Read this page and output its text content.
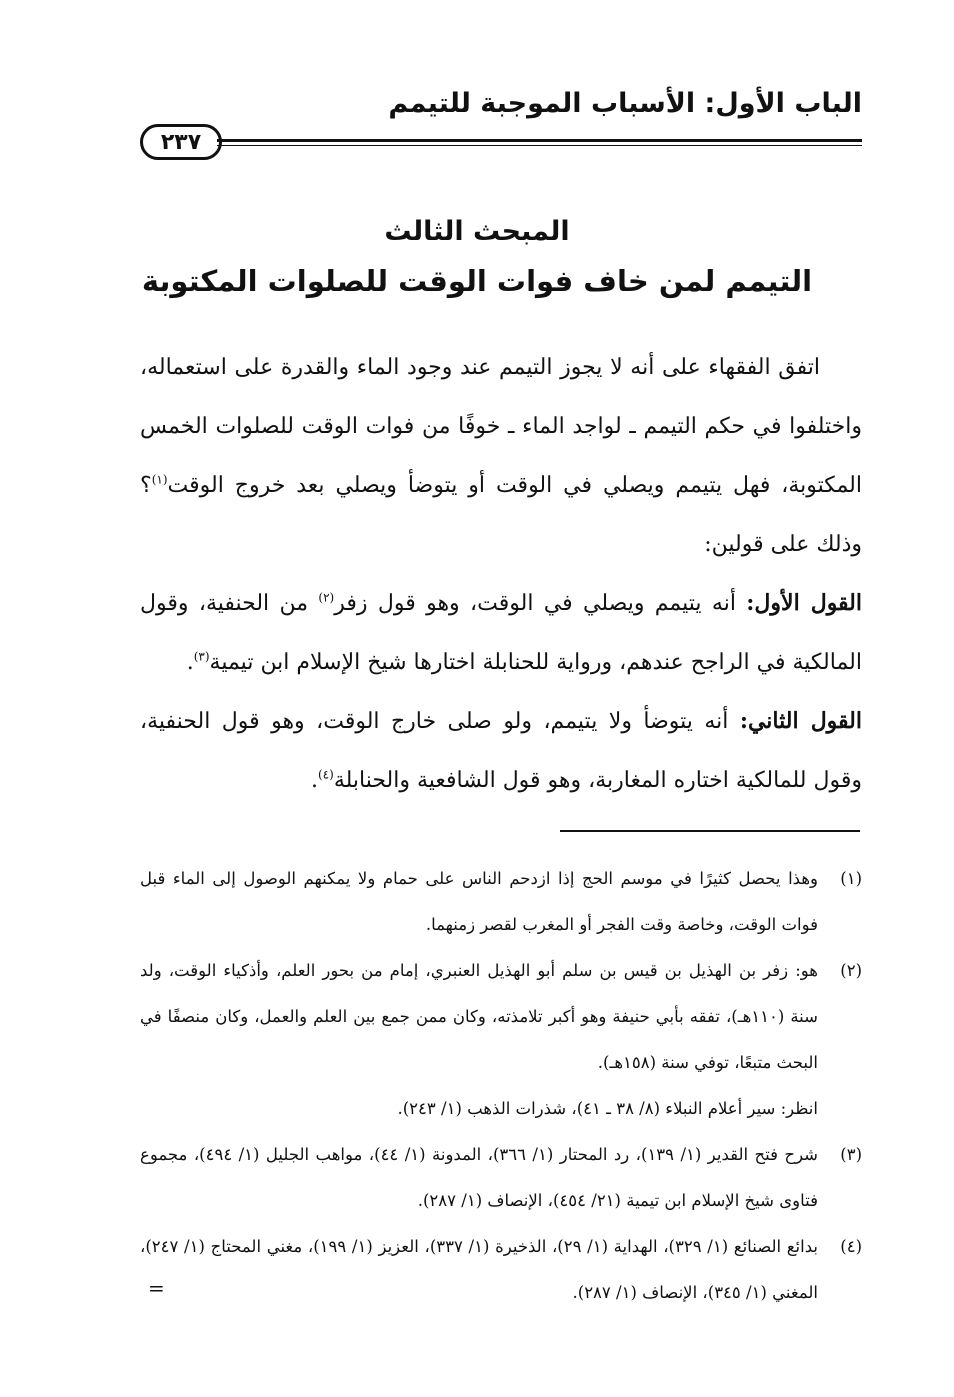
الباب الأول: الأسباب الموجبة للتيمم
٢٣٧
المبحث الثالث
التيمم لمن خاف فوات الوقت للصلوات المكتوبة

اتفق الفقهاء على أنه لا يجوز التيمم عند وجود الماء والقدرة على استعماله، واختلفوا في حكم التيمم ـ لواجد الماء ـ خوفًا من فوات الوقت للصلوات الخمس المكتوبة، فهل يتيمم ويصلي في الوقت أو يتوضأ ويصلي بعد خروج الوقت$^{(١)}$؟ وذلك على قولين:

القول الأول: أنه يتيمم ويصلي في الوقت، وهو قول زفر$^{(٢)}$ من الحنفية، وقول المالكية في الراجح عندهم، ورواية للحنابلة اختارها شيخ الإسلام ابن تيمية$^{(٣)}$.

القول الثاني: أنه يتوضأ ولا يتيمم، ولو صلى خارج الوقت، وهو قول الحنفية، وقول للمالكية اختاره المغاربة، وهو قول الشافعية والحنابلة$^{(٤)}$.

(١)

وهذا يحصل كثيرًا في موسم الحج إذا ازدحم الناس على حمام ولا يمكنهم الوصول إلى الماء قبل فوات الوقت، وخاصة وقت الفجر أو المغرب لقصر زمنهما.

(٢)

هو: زفر بن الهذيل بن قيس بن سلم أبو الهذيل العنبري، إمام من بحور العلم، وأذكياء الوقت، ولد سنة (١١٠هـ)، تفقه بأبي حنيفة وهو أكبر تلامذته، وكان ممن جمع بين العلم والعمل، وكان منصفًا في البحث متبعًا، توفي سنة (١٥٨هـ).

انظر: سير أعلام النبلاء (٨/ ٣٨ ـ ٤١)، شذرات الذهب (١/ ٢٤٣).

(٣)

شرح فتح القدير (١/ ١٣٩)، رد المحتار (١/ ٣٦٦)، المدونة (١/ ٤٤)، مواهب الجليل (١/ ٤٩٤)، مجموع فتاوى شيخ الإسلام ابن تيمية (٢١/ ٤٥٤)، الإنصاف (١/ ٢٨٧).

(٤)

بدائع الصنائع (١/ ٣٢٩)، الهداية (١/ ٢٩)، الذخيرة (١/ ٣٣٧)، العزيز (١/ ١٩٩)، مغني المحتاج (١/ ٢٤٧)، المغني (١/ ٣٤٥)، الإنصاف (١/ ٢٨٧).

=
